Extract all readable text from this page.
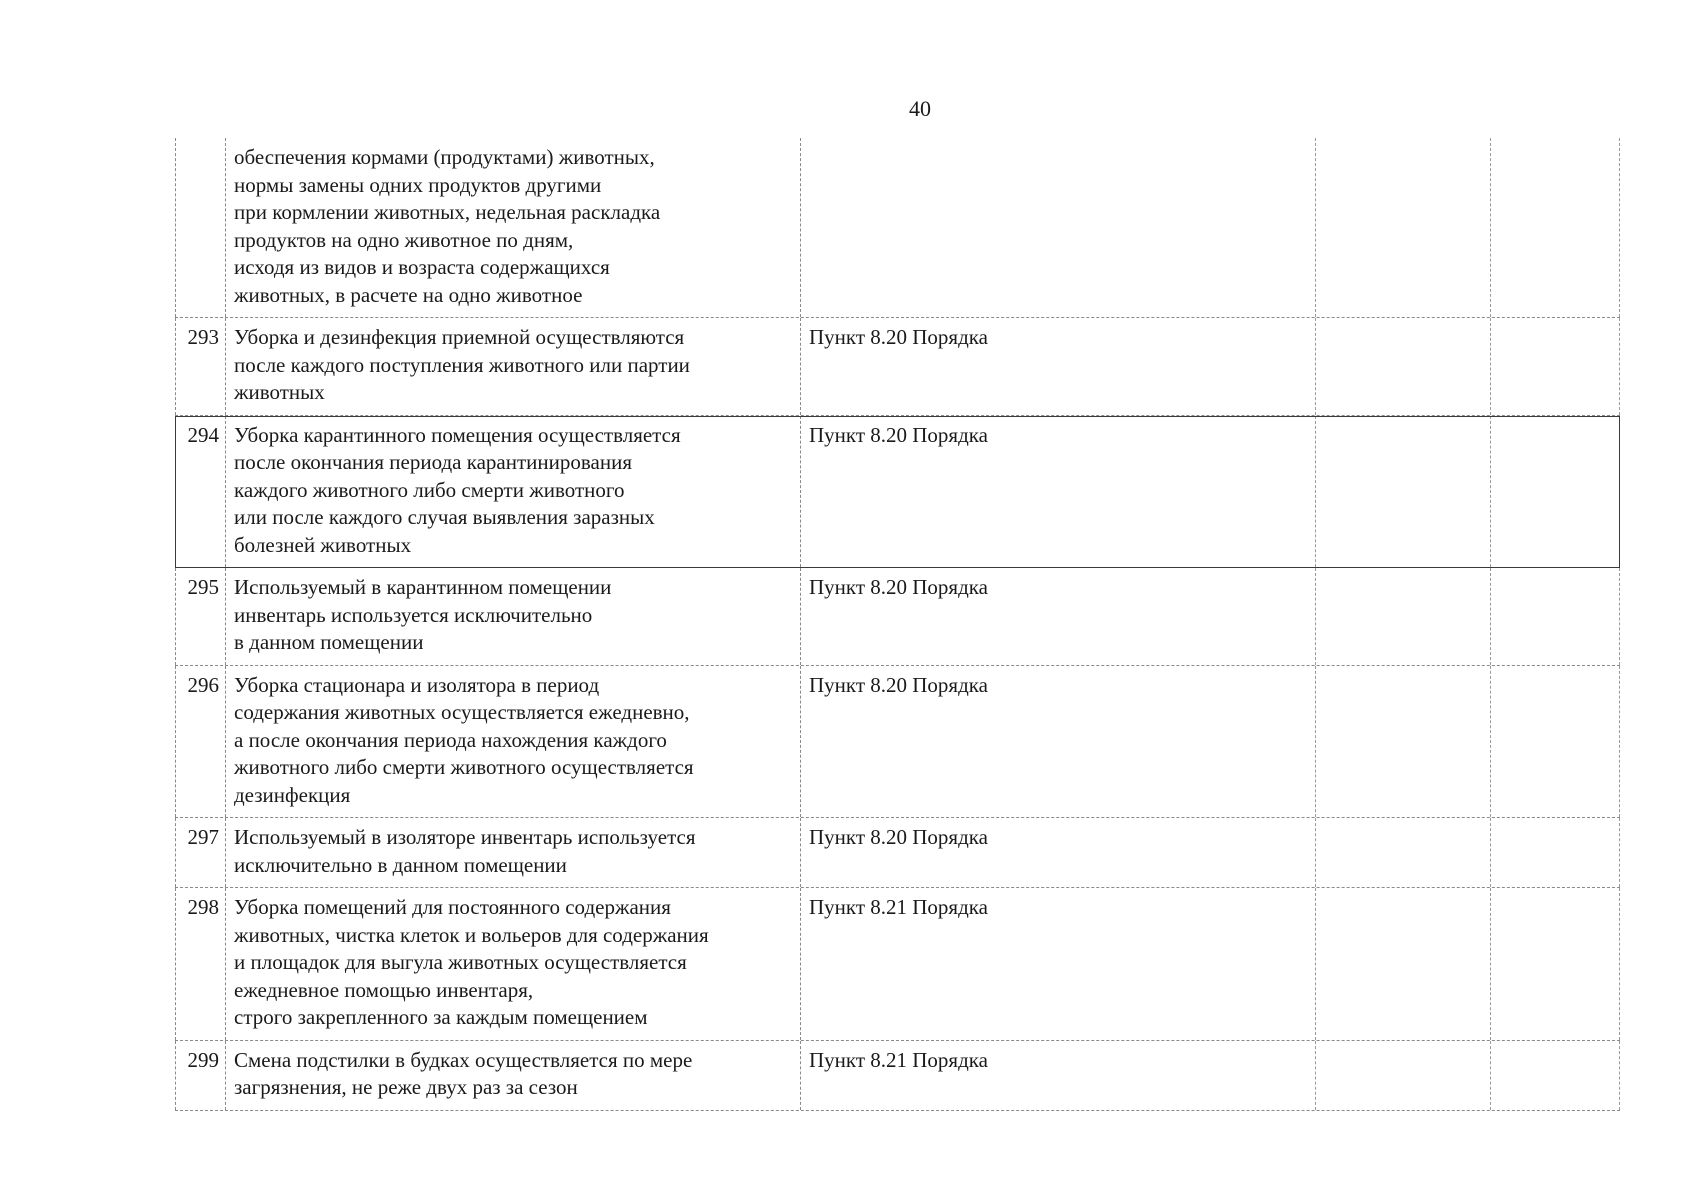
40
обеспечения кормами (продуктами) животных,
нормы замены одних продуктов другими
при кормлении животных, недельная раскладка
продуктов на одно животное по дням,
исходя из видов и возраста содержащихся
животных, в расчете на одно животное
293 Уборка и дезинфекция приемной осуществляются
после каждого поступления животного или партии
животных
Пункт 8.20 Порядка
294 Уборка карантинного помещения осуществляется
после окончания периода карантинирования
каждого животного либо смерти животного
или после каждого случая выявления заразных
болезней животных
Пункт 8.20 Порядка
295 Используемый в карантинном помещении
инвентарь используется исключительно
в данном помещении
Пункт 8.20 Порядка
296 Уборка стационара и изолятора в период
содержания животных осуществляется ежедневно,
а после окончания периода нахождения каждого
животного либо смерти животного осуществляется
дезинфекция
Пункт 8.20 Порядка
297 Используемый в изоляторе инвентарь используется
исключительно в данном помещении
Пункт 8.20 Порядка
298 Уборка помещений для постоянного содержания
животных, чистка клеток и вольеров для содержания
и площадок для выгула животных осуществляется
ежедневное помощью инвентаря,
строго закрепленного за каждым помещением
Пункт 8.21 Порядка
299 Смена подстилки в будках осуществляется по мере
загрязнения, не реже двух раз за сезон
Пункт 8.21 Порядка
